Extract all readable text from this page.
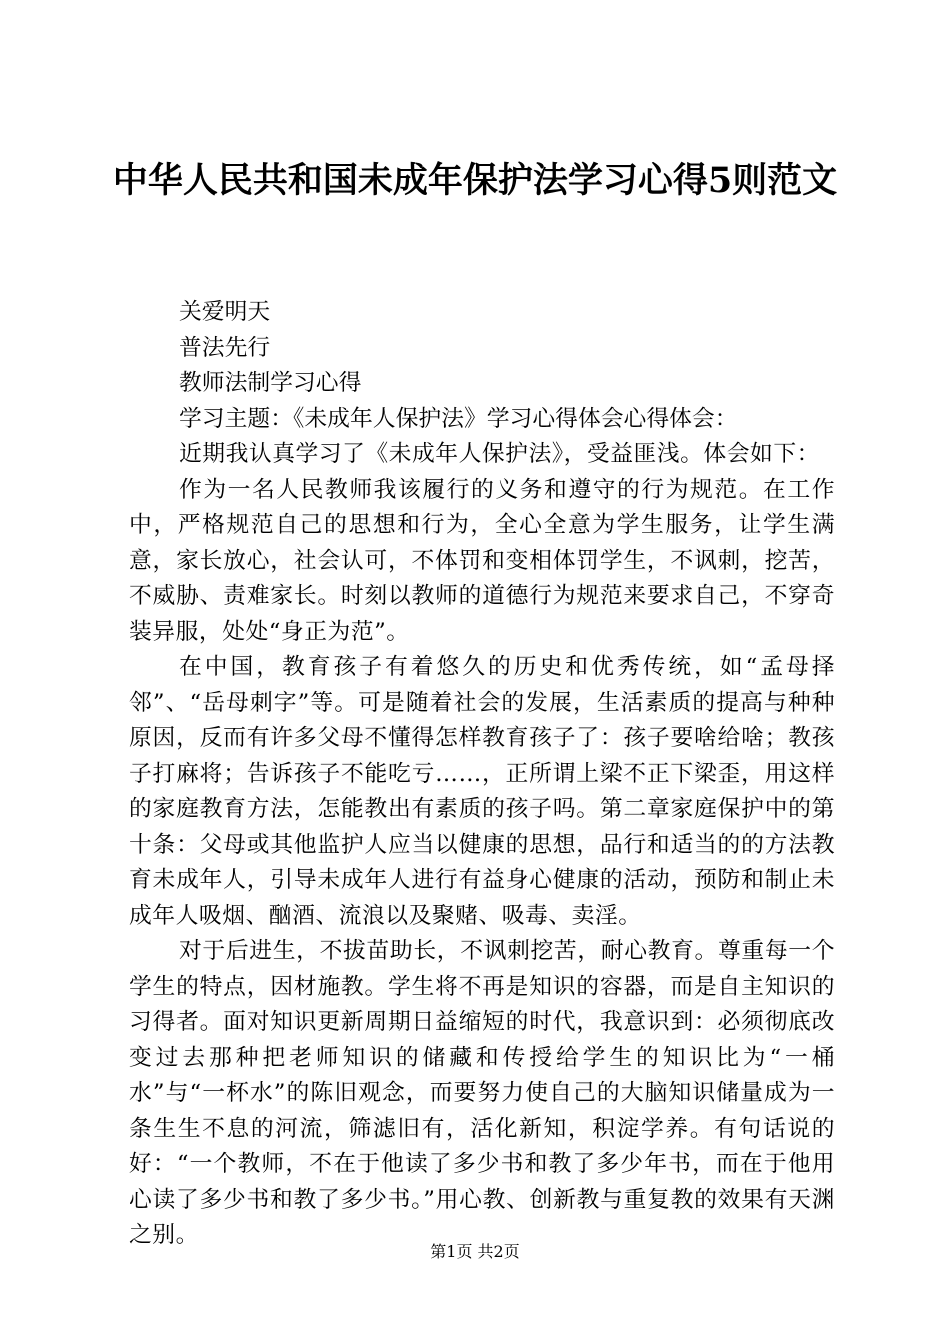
中华人民共和国未成年保护法学习心得5则范文

关爱明天

普法先行

教师法制学习心得

学习主题：《未成年人保护法》学习心得体会心得体会：

近期我认真学习了《未成年人保护法》，受益匪浅。体会如下：

作为一名人民教师我该履行的义务和遵守的行为规范。在工作中，严格规范自己的思想和行为，全心全意为学生服务，让学生满意，家长放心，社会认可，不体罚和变相体罚学生，不讽刺，挖苦，不威胁、责难家长。时刻以教师的道德行为规范来要求自己，不穿奇装异服，处处“身正为范”。

在中国，教育孩子有着悠久的历史和优秀传统，如“孟母择邻”、“岳母刺字”等。可是随着社会的发展，生活素质的提高与种种原因，反而有许多父母不懂得怎样教育孩子了：孩子要啥给啥；教孩子打麻将；告诉孩子不能吃亏……，正所谓上梁不正下梁歪，用这样的家庭教育方法，怎能教出有素质的孩子吗。第二章家庭保护中的第十条：父母或其他监护人应当以健康的思想，品行和适当的的方法教育未成年人，引导未成年人进行有益身心健康的活动，预防和制止未成年人吸烟、酗酒、流浪以及聚赌、吸毒、卖淫。

对于后进生，不拔苗助长，不讽刺挖苦，耐心教育。尊重每一个学生的特点，因材施教。学生将不再是知识的容器，而是自主知识的习得者。面对知识更新周期日益缩短的时代，我意识到：必须彻底改变过去那种把老师知识的储藏和传授给学生的知识比为“一桶水”与“一杯水”的陈旧观念，而要努力使自己的大脑知识储量成为一条生生不息的河流，筛滤旧有，活化新知，积淀学养。有句话说的好：“一个教师，不在于他读了多少书和教了多少年书，而在于他用心读了多少书和教了多少书。”用心教、创新教与重复教的效果有天渊之别。

第1页 共2页
